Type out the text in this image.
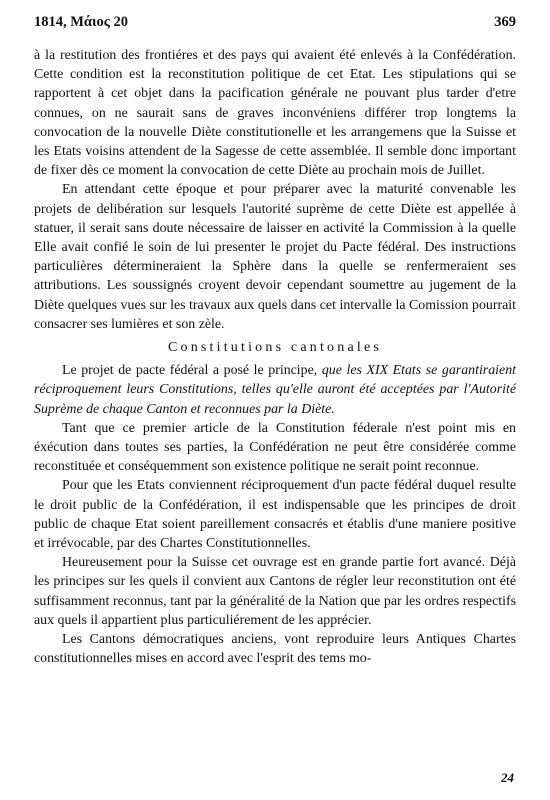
1814, Μάιος 20	369

à la restitution des frontiéres et des pays qui avaient été enlevés à la Confédération. Cette condition est la reconstitution politique de cet Etat. Les stipulations qui se rapportent à cet objet dans la pacification générale ne pouvant plus tarder d'etre connues, on ne saurait sans de graves inconvéniens différer trop longtems la convocation de la nouvelle Diète constitutionelle et les arrangemens que la Suisse et les Etats voisins attendent de la Sagesse de cette assemblée. Il semble donc important de fixer dès ce moment la convocation de cette Diète au prochain mois de Juillet.

En attendant cette époque et pour préparer avec la maturité convenable les projets de delibération sur lesquels l'autorité suprème de cette Diète est appellée à statuer, il serait sans doute nécessaire de laisser en activité la Commission à la quelle Elle avait confié le soin de lui presenter le projet du Pacte fédéral. Des instructions particulières détermineraient la Sphère dans la quelle se renfermeraient ses attributions. Les soussignés croyent devoir cependant soumettre au jugement de la Diète quelques vues sur les travaux aux quels dans cet intervalle la Comission pourrait consacrer ses lumières et son zèle.

Constitutions cantonales

Le projet de pacte fédéral a posé le principe, que les XIX Etats se garantiraient réciproquement leurs Constitutions, telles qu'elle auront été acceptées par l'Autorité Suprème de chaque Canton et reconnues par la Diète.

Tant que ce premier article de la Constitution féderale n'est point mis en éxécution dans toutes ses parties, la Confédération ne peut être considérée comme reconstituée et conséquemment son existence politique ne serait point reconnue.

Pour que les Etats conviennent réciproquement d'un pacte fédéral duquel resulte le droit public de la Confédération, il est indispensable que les principes de droit public de chaque Etat soient pareillement consacrés et établis d'une maniere positive et irrévocable, par des Chartes Constitutionnelles.

Heureusement pour la Suisse cet ouvrage est en grande partie fort avancé. Déjà les principes sur les quels il convient aux Cantons de régler leur reconstitution ont été suffisamment reconnus, tant par la généralité de la Nation que par les ordres respectifs aux quels il appartient plus particuliérement de les apprécier.

Les Cantons démocratiques anciens, vont reproduire leurs Antiques Chartes constitutionnelles mises en accord avec l'esprit des tems mo-

24
